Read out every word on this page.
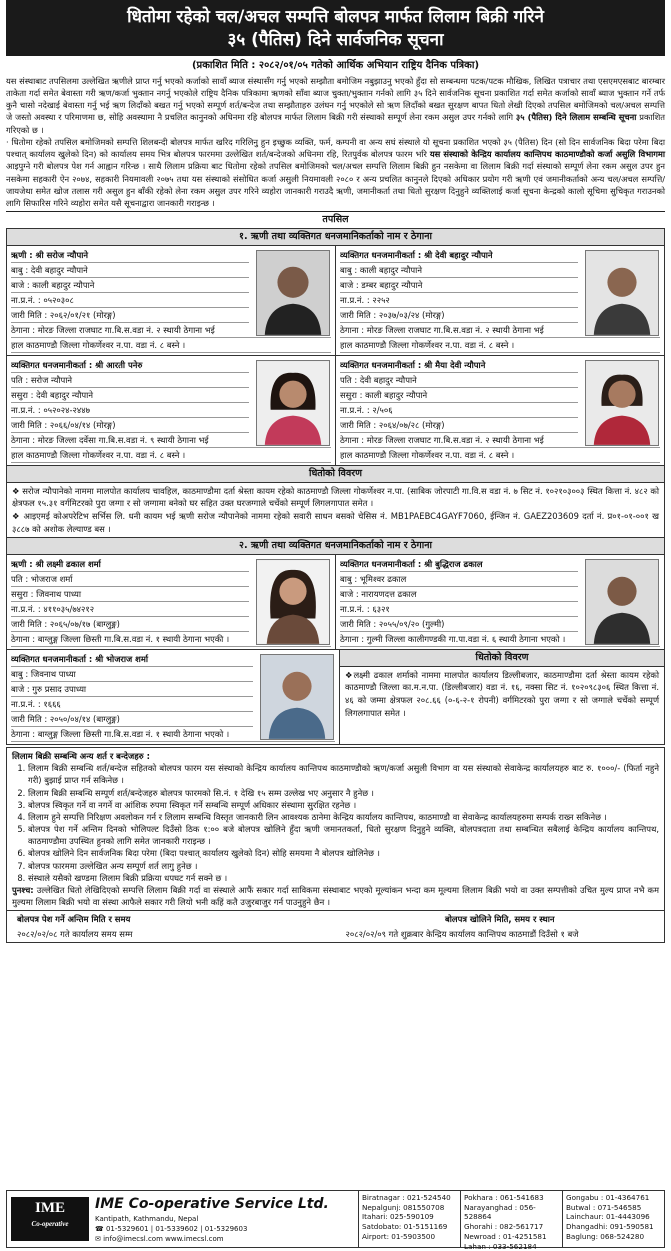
धितोमा रहेको चल/अचल सम्पत्ति बोलपत्र मार्फत लिलाम बिक्री गरिने
३५ (पैतिस) दिने सार्वजनिक सूचना
(प्रकाशित मिति : २०८२/०१/०५ गतेको आर्थिक अभियान राष्ट्रिय दैनिक पत्रिका)

यस संस्थाबाट तपसिलमा उल्लेखित ऋणीले प्राप्त गर्नु भएको कर्जाको सावाँ ब्याज संस्थासँग गर्नु भएको सम्झौता बमोजिम नबुझाउनु भएको हुँदा सो सम्बन्धमा पटक/पटक मौखिक, लिखित पत्राचार तथा एसएमएसबाट बारम्बार ताकेता गर्दा समेत बेवास्ता गरी ऋण/कर्जा भुक्तान नगर्नु भएकोले राष्ट्रिय दैनिक पत्रिकामा ऋणको साँवा ब्याज चुक्ता/भुक्तान गर्नको लागि ३५ दिने सार्वजनिक सूचना प्रकाशित गर्दा समेत कर्जाको सावाँ ब्याज भुक्तान गर्ने तर्फ कुनै चासो नदेखाई बेवास्ता गर्नु भई ऋण लिदाँको बखत गर्नु भएको सम्पूर्ण शर्त/बन्देज तथा सम्झौताहरु उलंघन गर्नु भएकोले सो ऋण लिदाँको बखत सुरक्षण बापत धितो लेखी दिएको तपसिल बमोजिमको चल/अचल सम्पत्ति जे जस्तो अवस्था र परिमाणमा छ, सोहि अवस्थामा नै प्रचलित कानुनको अधिनमा रहि बोलपत्र मार्फत लिलाम बिक्री गरी संस्थाको सम्पूर्ण लेना रकम असुल उपर गर्नको लागि ३५ (पैतिस) दिने लिलाम सम्बन्धि सूचना प्रकाशित गरिएको छ ।

· धितोमा रहेको तपसिल बमोजिमको सम्पत्ति शिलबन्दी बोलपत्र मार्फत खरिद गरिलिनु हुन इच्छुक व्यक्ति, फर्म, कम्पनी वा अन्य सघं संस्थाले यो सूचना प्रकाशित भएको ३५ (पैतिस) दिन (सो दिन सार्वजनिक बिदा परेमा बिदा पश्चात् कार्यालय खुलेको दिन) को कार्यालय समय भित्र बोलपत्र फारममा उल्लेखित शर्त/बन्देजको अधिनमा रहि, रितपुर्वक बोलपत्र फारम भरि यस संस्थाको केन्द्रिय कार्यालय कान्तिपथ काठमाण्डौको कर्जा असुलि विभागमा आइपुग्ने गरी बोलपत्र पेश गर्न आह्वान गरिन्छ । साथै लिलाम प्रक्रिया बाट धितोमा रहेको तपसिल बमोजिमको चल/अचल सम्पत्ति लिलाम बिक्री हुन नसकेमा वा लिलाम बिक्री गर्दा संस्थाको सम्पूर्ण लेना रकम असुल उपर हुन नसकेमा सहकारी ऐन २०७४, सहकारी नियमावली २०७५ तथा यस संस्थाको संसोधित कर्जा असुली नियमावली २०८० र अन्य प्रचलित कानुनले दिएको अधिकार प्रयोग गरी ऋणी एवं जमानीकर्ताको अन्य चल/अचल सम्पत्ति/जायजेथा समेत खोज तलास गरी असुल हुन बाँकी रहेको लेना रकम असुल उपर गरिने व्यहोरा जानकारी गराउदै ऋणी, जमानीकर्ता तथा धितो सुरक्षण दिनुहुने व्यक्तिलाई कर्जा सूचना केन्द्रको कालो सूचिमा सुचिकृत गराउनको लागि सिफारिस गरिने व्यहोरा समेत यसै सूचनाद्वारा जानकारी गराइन्छ ।

तपसिल
१. ऋणी तथा व्यक्तिगत धनजमानिकर्ताको नाम र ठेगाना
ऋणी : श्री सरोज न्यौपाने
बाबु : देवी बहादुर न्यौपाने
बाजे : काली बहादुर न्यौपाने
ना.प्र.नं. : ०५२०३०८
जारी मिति : २०६२/०१/२१ (मोरङ्ग)
ठेगाना : मोरङ जिल्ला राजघाट गा.बि.स.वडा नं. २ स्थायी ठेगाना भई
हाल काठमाण्डौ जिल्ला गोकर्णेश्वर न.पा. वडा नं. ८ बस्ने ।
व्यक्तिगत धनजमानीकर्ता : श्री देवी बहादुर न्यौपाने
बाबु : काली बहादुर न्यौपाने
बाजे : डम्बर बहादुर न्यौपाने
ना.प्र.नं. : २२५२
जारी मिति : २०३७/०३/२४ (मोरङ्ग)
ठेगाना : मोरङ जिल्ला राजघाट गा.बि.स.वडा नं. २ स्थायी ठेगाना भई
हाल काठमाण्डौ जिल्ला गोकर्णेश्वर न.पा. वडा नं. ८ बस्ने ।
व्यक्तिगत धनजमानीकर्ता : श्री आरती पनेरु
पति : सरोज न्यौपाने
ससुरा : देवी बहादुर न्यौपाने
ना.प्र.नं. : ०५२०२४-२४४७
जारी मिति : २०६६/०४/१४ (मोरङ्ग)
ठेगाना : मोरङ जिल्ला दर्वेसा गा.बि.स.वडा नं. ९ स्थायी ठेगाना भई
हाल काठमाण्डौ जिल्ला गोकर्णेश्वर न.पा. वडा नं. ८ बस्ने ।
व्यक्तिगत धनजमानीकर्ता : श्री मैया देवी न्यौपाने
पति : देवी बहादुर न्यौपाने
ससुरा : काली बहादुर न्यौपाने
ना.प्र.नं. : २/५०६
जारी मिति : २०६४/०७/२८ (मोरङ्ग)
ठेगाना : मोरङ जिल्ला राजघाट गा.बि.स.वडा नं. २ स्थायी ठेगाना भई
हाल काठमाण्डौ जिल्ला गोकर्णेश्वर न.पा. वडा नं. ८ बस्ने ।
धितोको विवरण

❖ सरोज न्यौपानेको नाममा मालपोत कार्यालय चावहिल, काठमाण्डौमा दर्ता श्रेस्ता कायम रहेको काठमाण्डौ जिल्ला गोकर्णेश्वर न.पा. (साबिक जोरपाटी गा.वि.स वडा नं. ७ सिट नं. १०२१०३००३ स्थित कित्ता नं. ४८२ को क्षेत्रफल १५.३१ वर्गमिटरको पुरा जग्गा र सो जग्गामा बनेको घर सहित उक्त घरजग्गाले चर्चेको सम्पूर्ण लिगलगापात समेत ।

❖ आइएमई कोअपरेटिभ सर्भिस लि. धनी कायम भई ऋणी सरोज न्यौपानेको नाममा रहेको सवारी साधन बसको चेसिस नं. MB1PAEBC4GAYF7060, ईन्जिन नं. GAEZ203609 दर्ता नं. प्र०१-०१-००१ ख ३८८७ को अशोक लेल्याण्ड बस ।

२. ऋणी तथा व्यक्तिगत धनजमानिकर्ताको नाम र ठेगाना
ऋणी : श्री लक्ष्मी ढकाल शर्मा
पति : भोजराज शर्मा
ससुरा : जिवनाथ पाध्या
ना.प्र.नं. : ४११०३५/७४२१२
जारी मिति : २०६५/०७/१७ (बाग्लुङ्ग)
ठेगाना : बाग्लुङ्ग जिल्ला छिस्ती गा.बि.स.वडा नं. १ स्थायी ठेगाना भएकी ।
व्यक्तिगत धनजमानीकर्ता : श्री बुद्धिराज ढकाल
बाबु : भूमिश्वर ढकाल
बाजे : नारायणदत्त ढकाल
ना.प्र.नं. : ६३२१
जारी मिति : २०५५/०९/२० (गुल्मी)
ठेगाना : गुल्मी जिल्ला कालीगण्डकी गा.पा.वडा नं. ६ स्थायी ठेगाना भएको ।
व्यक्तिगत धनजमानीकर्ता : श्री भोजराज शर्मा
बाबु : जिवनाथ पाध्या
बाजे : गुरु प्रसाद उपाध्या
ना.प्र.नं. : १६६६
जारी मिति : २०५०/०४/१४ (बाग्लुङ्ग)
ठेगाना : बाग्लुङ्ग जिल्ला छिस्ती गा.बि.स.वडा नं. १ स्थायी ठेगाना भएको ।
धितोको विवरण

❖लक्ष्मी ढकाल शर्माको नाममा मालपोत कार्यालय डिल्लीबजार, काठमाण्डौमा दर्ता श्रेस्ता कायम रहेको काठमाण्डौ जिल्ला का.म.न.पा. (डिल्लीबजार) वडा नं. १६, नक्सा सिट नं. १०२०९८३०६ स्थित कित्ता नं. ४६ को जम्मा क्षेत्रफल २०८.६६ (०-६-२-१ रोपनी) वर्गमिटरको पुरा जग्गा र सो जग्गाले चर्चेको सम्पूर्ण लिगलगापात समेत ।

लिलाम बिक्री सम्बन्धि अन्य शर्त र बन्देजहरु :
1. लिलाम बिक्री सम्बन्धि शर्त/बन्देज सहितको बोलपत्र फारम यस संस्थाको केन्द्रिय कार्यालय कान्तिपथ काठमाण्डौको ऋण/कर्जा असुली विभाग वा यस संस्थाको सेवाकेन्द्र कार्यालयहरु बाट रु. १०००/- (फिर्ता नहुने गरी) बुझाई प्राप्त गर्न सकिनेछ ।
2. लिलाम बिक्री सम्बन्धि सम्पूर्ण शर्त/बन्देजहरु बोलपत्र फारमको सि.नं. १ देखि १५ सम्म उल्लेख भए अनुसार नै हुनेछ ।
3. बोलपत्र स्विकृत गर्ने वा नगर्ने वा आंशिक रुपमा स्विकृत गर्ने सम्बन्धि सम्पूर्ण अधिकार संस्थामा सुरक्षित रहनेछ ।
4. लिलाम हुने सम्पत्ति निरिक्षण अवलोकन गर्न र लिलाम सम्बन्धि विस्तृत जानकारी लिन आवश्यक ठानेमा केन्द्रिय कार्यालय कान्तिपथ, काठमाण्डौ वा सेवाकेन्द्र कार्यालयहरुमा सम्पर्क राख्न सकिनेछ ।
5. बोलपत्र पेश गर्ने अन्तिम दिनको भोलिपल्ट दिउँसो ठिक १:०० बजे बोलपत्र खोलिने हुँदा ऋणी जमानतकर्ता, धितो सुरक्षण दिनुहुने व्यक्ति, बोलपत्रदाता तथा सम्बन्धित सबैलाई केन्द्रिय कार्यालय कान्तिपथ, काठमाण्डौमा उपस्थित हुनको लागि समेत जानकारी गराइन्छ ।
6. बोलपत्र खोलिने दिन सार्वजनिक बिदा परेमा (बिदा पश्चात् कार्यालय खुलेको दिन) सोहि समयमा नै बोलपत्र खोलिनेछ ।
7. बोलपत्र फारममा उल्लेखित अन्य सम्पूर्ण शर्त लागु हुनेछ ।
8. संस्थाले यसैको खण्डमा लिलाम बिक्री प्रक्रिया धपघट गर्न सक्ने छ ।

पुनश्च: उल्लेखित धितो लेखिदिएको सम्पत्ति लिलाम बिक्री गर्दा वा संस्थाले आफैं सकार गर्दा साविकमा संस्थाबाट भएको मूल्यांकन भन्दा कम मूल्यमा लिलाम बिक्री भयो वा उक्त सम्पत्तीको उचित मुल्य प्राप्त नभै कम मुल्यमा लिलाम बिक्री भयो वा संस्था आफैले सकार गरी लियो भनी कहिं कतै उजुरबाजुर गर्न पाउनुहुने छैन ।

बोलपत्र पेश गर्ने अन्तिम मिति र समय
२०८२/०२/०८ गते कार्यालय समय सम्म
बोलपत्र खोलिने मिति, समय र स्थान
२०८२/०२/०९ गते शुक्रबार केन्द्रिय कार्यालय कान्तिपथ काठमाडौं दिउँसो १ बजे
IME
Co-operative
IME Co-operative Service Ltd.
Kantipath, Kathmandu, Nepal
☎ 01-5329601 | 01-5339602 | 01-5329603
✉ info@imecsl.com www.imecsl.com
Biratnagar : 021-524540
Nepalgunj: 081550708
Itahari: 025-590109
Satdobato: 01-5151169
Airport: 01-5903500
Pokhara : 061-541683
Narayanghad : 056-528864
Ghorahi : 082-561717
Newroad : 01-4251581
Lahan : 033-562184
Gongabu : 01-4364761
Butwal : 071-546585
Lainchaur: 01-4443096
Dhangadhi: 091-590581
Baglung: 068-524280
